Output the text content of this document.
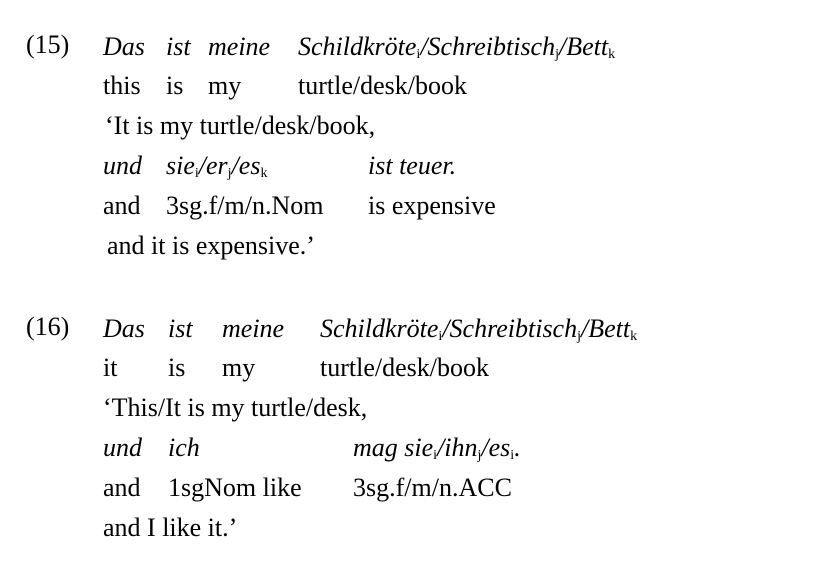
(15) Das ist meine Schildkrötei/Schreibtischj/Bettk
this is my turtle/desk/book
‘It is my turtle/desk/book,
und siei/erj/esk	ist teuer.
and 3sg.f/m/n.Nom is expensive
and it is expensive.’
(16) Das ist meine Schildkrötei/Schreibtischj/Bettk
it is my turtle/desk/book
‘This/It is my turtle/desk,
und ich	mag siei/ihnj/esi.
and 1sgNom like 3sg.f/m/n.ACC
and I like it.’
